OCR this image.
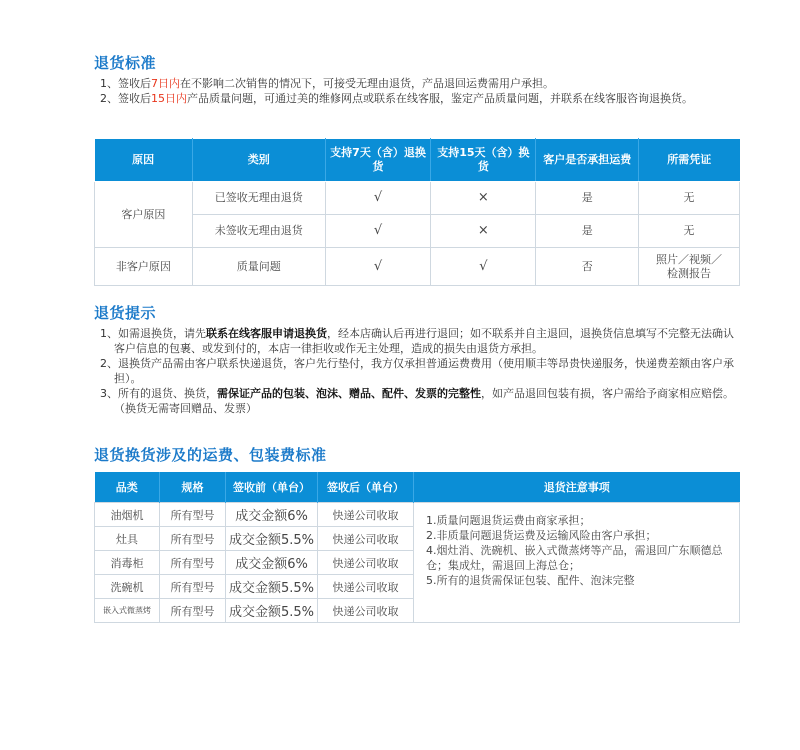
退货标准
1、签收后7日内在不影响二次销售的情况下，可接受无理由退货，产品退回运费需用户承担。
2、签收后15日内产品质量问题，可通过美的维修网点或联系在线客服，鉴定产品质量问题，并联系在线客服咨询退换货。
原因	类别	支持7天（含）退换货	支持15天（含）换货	客户是否承担运费	所需凭证
客户原因	已签收无理由退货	√	×	是	无
	未签收无理由退货	√	×	是	无
非客户原因	质量问题	√	√	否	照片／视频／检测报告
退货提示
1、如需退换货，请先联系在线客服申请退换货，经本店确认后再进行退回；如不联系并自主退回，退换货信息填写不完整无法确认客户信息的包裹、或发到付的，本店一律拒收或作无主处理，造成的损失由退货方承担。
2、退换货产品需由客户联系快递退货，客户先行垫付，我方仅承担普通运费费用（使用顺丰等昂贵快递服务，快递费差额由客户承担）。
3、所有的退货、换货，需保证产品的包装、泡沫、赠品、配件、发票的完整性，如产品退回包装有损，客户需给予商家相应赔偿。（换货无需寄回赠品、发票）
退货换货涉及的运费、包装费标准
品类	规格	签收前（单台）	签收后（单台）	退货注意事项
油烟机	所有型号	成交金额6%	快递公司收取	1.质量问题退货运费由商家承担；
2.非质量问题退货运费及运输风险由客户承担；
4.烟灶消、洗碗机、嵌入式微蒸烤等产品，需退回广东顺德总仓；集成灶，需退回上海总仓；
5.所有的退货需保证包装、配件、泡沫完整

灶具	所有型号	成交金额5.5%	快递公司收取	
消毒柜	所有型号	成交金额6%	快递公司收取	
洗碗机	所有型号	成交金额5.5%	快递公司收取	
嵌入式微蒸烤	所有型号	成交金额5.5%	快递公司收取	
